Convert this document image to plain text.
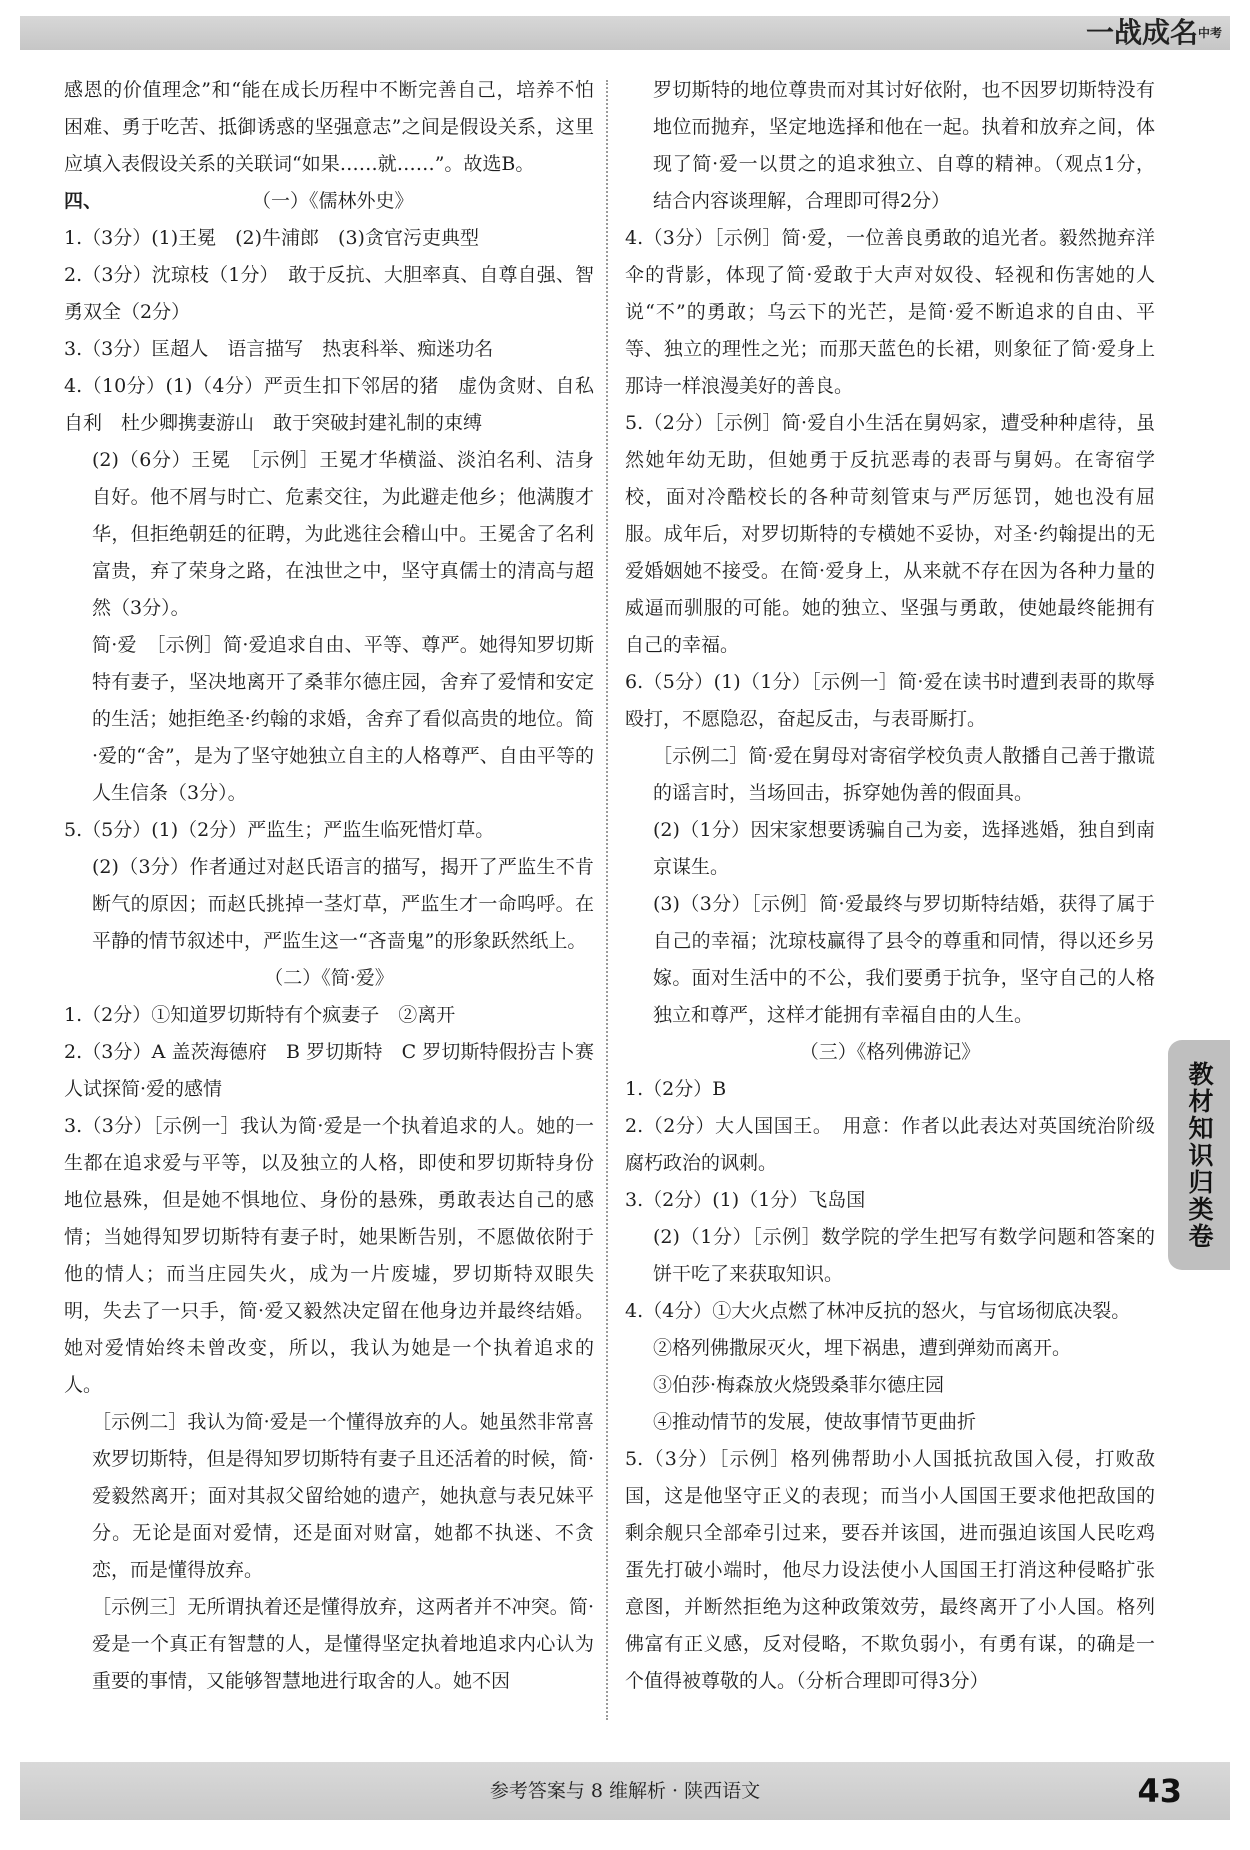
一战成名$^{中考}$

感恩的价值理念”和“能在成长历程中不断完善自己，培养不怕困难、勇于吃苦、抵御诱惑的坚强意志”之间是假设关系，这里应填入表假设关系的关联词“如果……就……”。故选B。

四、	（一）《儒林外史》

1.（3分）(1)王冕　(2)牛浦郎　(3)贪官污吏典型

2.（3分）沈琼枝（1分）　敢于反抗、大胆率真、自尊自强、智勇双全（2分）

3.（3分）匡超人　语言描写　热衷科举、痴迷功名

4.（10分）(1)（4分）严贡生扣下邻居的猪　虚伪贪财、自私自利　杜少卿携妻游山　敢于突破封建礼制的束缚

(2)（6分）王冕　［示例］王冕才华横溢、淡泊名利、洁身自好。他不屑与时亡、危素交往，为此避走他乡；他满腹才华，但拒绝朝廷的征聘，为此逃往会稽山中。王冕舍了名利富贵，弃了荣身之路，在浊世之中，坚守真儒士的清高与超然（3分）。

简·爱　［示例］简·爱追求自由、平等、尊严。她得知罗切斯特有妻子，坚决地离开了桑菲尔德庄园，舍弃了爱情和安定的生活；她拒绝圣·约翰的求婚，舍弃了看似高贵的地位。简·爱的“舍”，是为了坚守她独立自主的人格尊严、自由平等的人生信条（3分）。

5.（5分）(1)（2分）严监生；严监生临死惜灯草。

(2)（3分）作者通过对赵氏语言的描写，揭开了严监生不肯断气的原因；而赵氏挑掉一茎灯草，严监生才一命呜呼。在平静的情节叙述中，严监生这一“吝啬鬼”的形象跃然纸上。

（二）《简·爱》

1.（2分）①知道罗切斯特有个疯妻子　②离开

2.（3分）A 盖茨海德府　B 罗切斯特　C 罗切斯特假扮吉卜赛人试探简·爱的感情

3.（3分）［示例一］我认为简·爱是一个执着追求的人。她的一生都在追求爱与平等，以及独立的人格，即使和罗切斯特身份地位悬殊，但是她不惧地位、身份的悬殊，勇敢表达自己的感情；当她得知罗切斯特有妻子时，她果断告别，不愿做依附于他的情人；而当庄园失火，成为一片废墟，罗切斯特双眼失明，失去了一只手，简·爱又毅然决定留在他身边并最终结婚。她对爱情始终未曾改变，所以，我认为她是一个执着追求的人。

［示例二］我认为简·爱是一个懂得放弃的人。她虽然非常喜欢罗切斯特，但是得知罗切斯特有妻子且还活着的时候，简·爱毅然离开；面对其叔父留给她的遗产，她执意与表兄妹平分。无论是面对爱情，还是面对财富，她都不执迷、不贪恋，而是懂得放弃。

［示例三］无所谓执着还是懂得放弃，这两者并不冲突。简·爱是一个真正有智慧的人，是懂得坚定执着地追求内心认为重要的事情，又能够智慧地进行取舍的人。她不因

罗切斯特的地位尊贵而对其讨好依附，也不因罗切斯特没有地位而抛弃，坚定地选择和他在一起。执着和放弃之间，体现了简·爱一以贯之的追求独立、自尊的精神。（观点1分，结合内容谈理解，合理即可得2分）

4.（3分）［示例］简·爱，一位善良勇敢的追光者。毅然抛弃洋伞的背影，体现了简·爱敢于大声对奴役、轻视和伤害她的人说“不”的勇敢；乌云下的光芒，是简·爱不断追求的自由、平等、独立的理性之光；而那天蓝色的长裙，则象征了简·爱身上那诗一样浪漫美好的善良。

5.（2分）［示例］简·爱自小生活在舅妈家，遭受种种虐待，虽然她年幼无助，但她勇于反抗恶毒的表哥与舅妈。在寄宿学校，面对冷酷校长的各种苛刻管束与严厉惩罚，她也没有屈服。成年后，对罗切斯特的专横她不妥协，对圣·约翰提出的无爱婚姻她不接受。在简·爱身上，从来就不存在因为各种力量的威逼而驯服的可能。她的独立、坚强与勇敢，使她最终能拥有自己的幸福。

6.（5分）(1)（1分）［示例一］简·爱在读书时遭到表哥的欺辱殴打，不愿隐忍，奋起反击，与表哥厮打。

［示例二］简·爱在舅母对寄宿学校负责人散播自己善于撒谎的谣言时，当场回击，拆穿她伪善的假面具。

(2)（1分）因宋家想要诱骗自己为妾，选择逃婚，独自到南京谋生。

(3)（3分）［示例］简·爱最终与罗切斯特结婚，获得了属于自己的幸福；沈琼枝赢得了县令的尊重和同情，得以还乡另嫁。面对生活中的不公，我们要勇于抗争，坚守自己的人格独立和尊严，这样才能拥有幸福自由的人生。

（三）《格列佛游记》

1.（2分）B

2.（2分）大人国国王。　用意：作者以此表达对英国统治阶级腐朽政治的讽刺。

3.（2分）(1)（1分）飞岛国

(2)（1分）［示例］数学院的学生把写有数学问题和答案的饼干吃了来获取知识。

4.（4分）①大火点燃了林冲反抗的怒火，与官场彻底决裂。

②格列佛撒尿灭火，埋下祸患，遭到弹劾而离开。

③伯莎·梅森放火烧毁桑菲尔德庄园

④推动情节的发展，使故事情节更曲折

5.（3分）［示例］格列佛帮助小人国抵抗敌国入侵，打败敌国，这是他坚守正义的表现；而当小人国国王要求他把敌国的剩余舰只全部牵引过来，要吞并该国，进而强迫该国人民吃鸡蛋先打破小端时，他尽力设法使小人国国王打消这种侵略扩张意图，并断然拒绝为这种政策效劳，最终离开了小人国。格列佛富有正义感，反对侵略，不欺负弱小，有勇有谋，的确是一个值得被尊敬的人。（分析合理即可得3分）

教材知识归类卷
参考答案与 8 维解析 · 陕西语文	43
